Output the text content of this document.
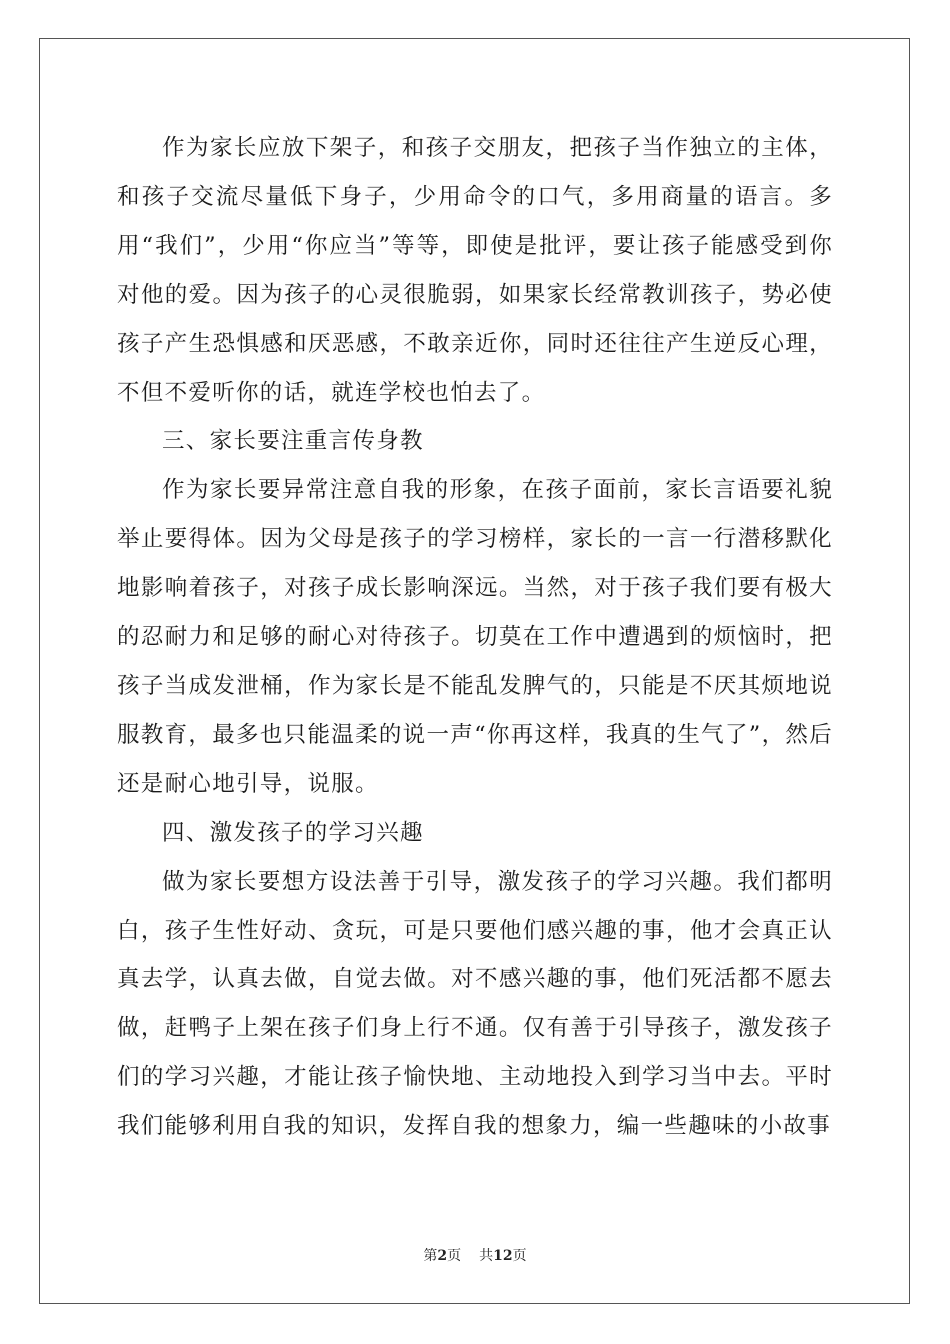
作为家长应放下架子，和孩子交朋友，把孩子当作独立的主体，和孩子交流尽量低下身子，少用命令的口气，多用商量的语言。多用“我们”，少用“你应当”等等，即使是批评，要让孩子能感受到你对他的爱。因为孩子的心灵很脆弱，如果家长经常教训孩子，势必使孩子产生恐惧感和厌恶感，不敢亲近你，同时还往往产生逆反心理，不但不爱听你的话，就连学校也怕去了。

三、家长要注重言传身教

作为家长要异常注意自我的形象，在孩子面前，家长言语要礼貌举止要得体。因为父母是孩子的学习榜样，家长的一言一行潜移默化地影响着孩子，对孩子成长影响深远。当然，对于孩子我们要有极大的忍耐力和足够的耐心对待孩子。切莫在工作中遭遇到的烦恼时，把孩子当成发泄桶，作为家长是不能乱发脾气的，只能是不厌其烦地说服教育，最多也只能温柔的说一声“你再这样，我真的生气了”，然后还是耐心地引导，说服。

四、激发孩子的学习兴趣

做为家长要想方设法善于引导，激发孩子的学习兴趣。我们都明白，孩子生性好动、贪玩，可是只要他们感兴趣的事，他才会真正认真去学，认真去做，自觉去做。对不感兴趣的事，他们死活都不愿去做，赶鸭子上架在孩子们身上行不通。仅有善于引导孩子，激发孩子们的学习兴趣，才能让孩子愉快地、主动地投入到学习当中去。平时我们能够利用自我的知识，发挥自我的想象力，编一些趣味的小故事

第2页 共12页
